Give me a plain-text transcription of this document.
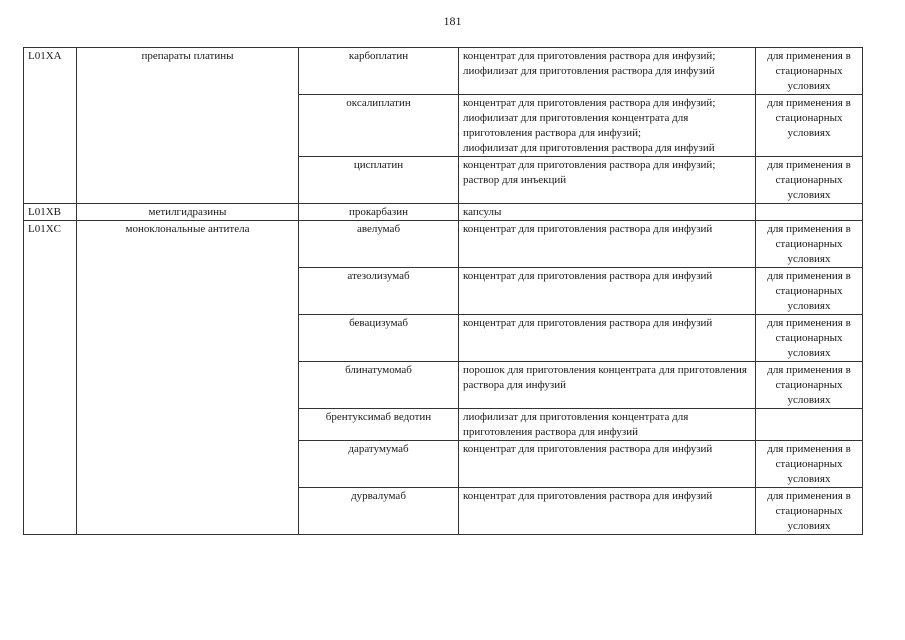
181
L01XA	препараты платины	карбоплатин	концентрат для приготовления раствора для инфузий;
лиофилизат для приготовления раствора для инфузий	для применения в стационарных условиях
		оксалиплатин	концентрат для приготовления раствора для инфузий;
лиофилизат для приготовления концентрата для приготовления раствора для инфузий;
лиофилизат для приготовления раствора для инфузий	для применения в стационарных условиях
		цисплатин	концентрат для приготовления раствора для инфузий;
раствор для инъекций	для применения в стационарных условиях
L01XB	метилгидразины	прокарбазин	капсулы	

L01XC	моноклональные антитела	авелумаб	концентрат для приготовления раствора для инфузий	для применения в стационарных условиях
		атезолизумаб	концентрат для приготовления раствора для инфузий	для применения в стационарных условиях
		бевацизумаб	концентрат для приготовления раствора для инфузий	для применения в стационарных условиях
		блинатумомаб	порошок для приготовления концентрата для приготовления раствора для инфузий	для применения в стационарных условиях
		брентуксимаб ведотин	лиофилизат для приготовления концентрата для приготовления раствора для инфузий	

		даратумумаб	концентрат для приготовления раствора для инфузий	для применения в стационарных условиях
		дурвалумаб	концентрат для приготовления раствора для инфузий	для применения в стационарных условиях
